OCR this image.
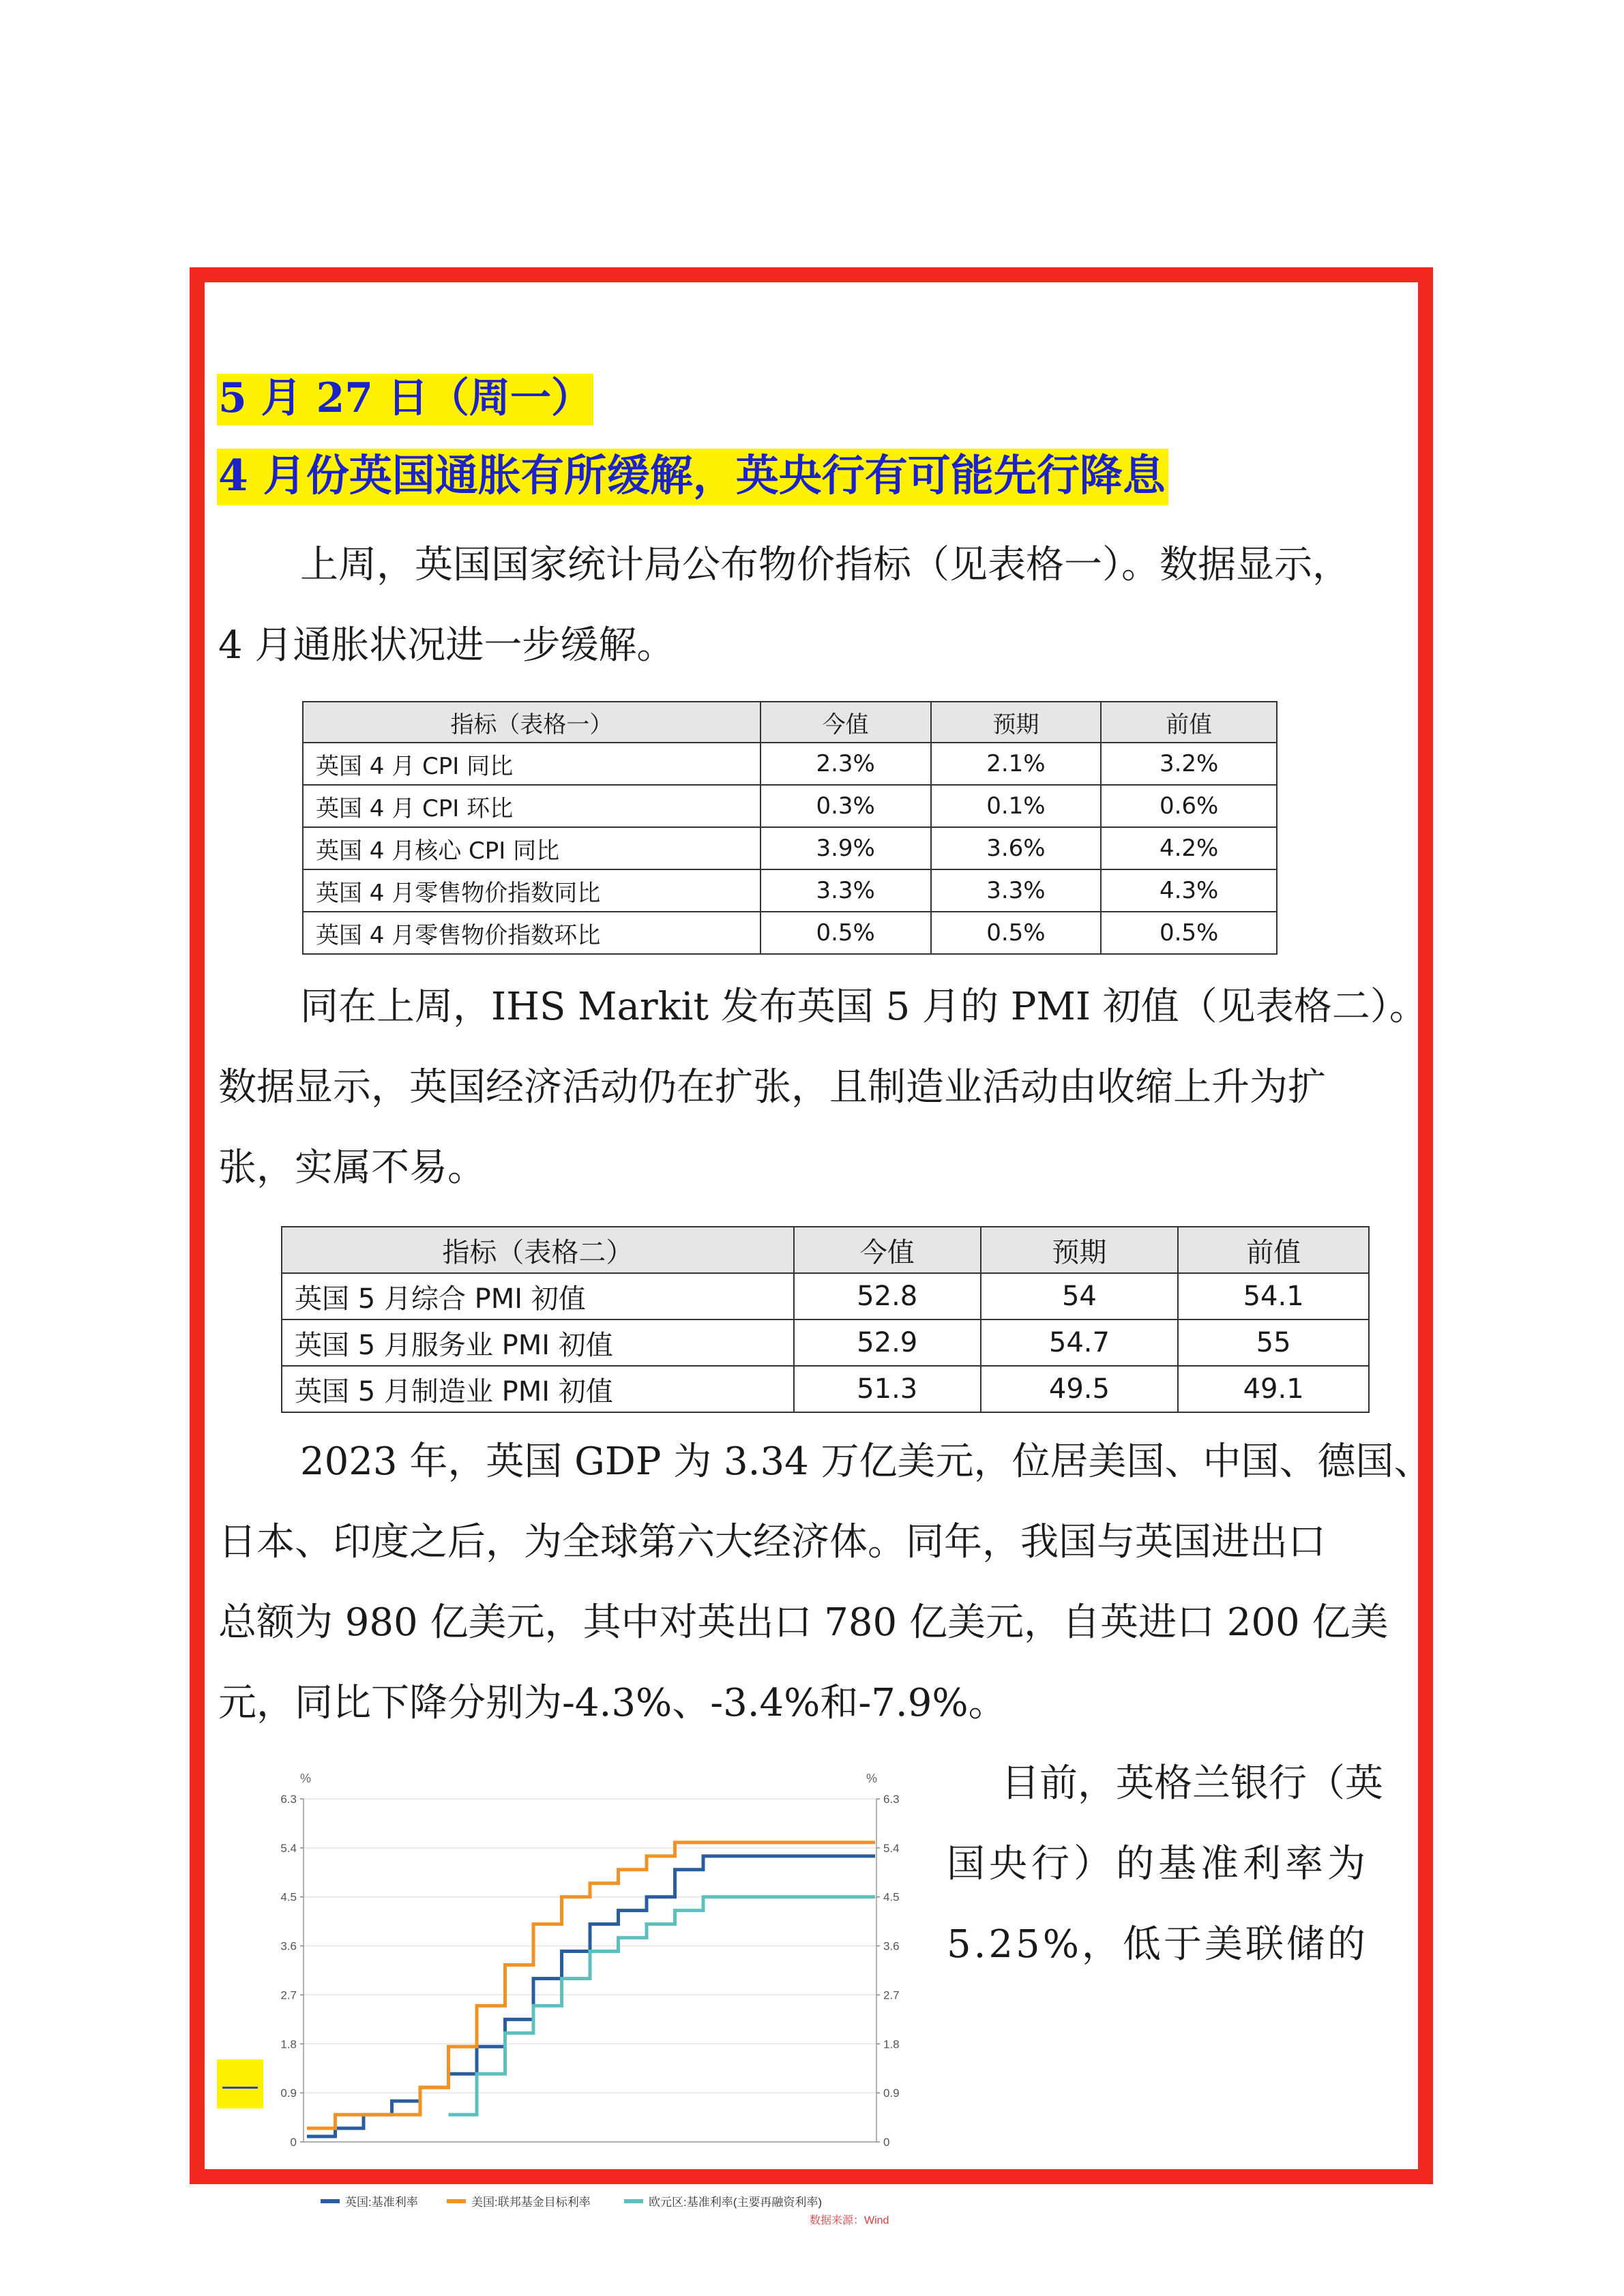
5 月 27 日（周一）
4 月份英国通胀有所缓解，英央行有可能先行降息

上周，英国国家统计局公布物价指标（见表格一）。数据显示，

4 月通胀状况进一步缓解。

指标（表格一）	今值	预期	前值
英国 4 月 CPI 同比	2.3%	2.1%	3.2%
英国 4 月 CPI 环比	0.3%	0.1%	0.6%
英国 4 月核心 CPI 同比	3.9%	3.6%	4.2%
英国 4 月零售物价指数同比	3.3%	3.3%	4.3%
英国 4 月零售物价指数环比	0.5%	0.5%	0.5%

同在上周，IHS Markit 发布英国 5 月的 PMI 初值（见表格二）。

数据显示，英国经济活动仍在扩张，且制造业活动由收缩上升为扩

张，实属不易。

指标（表格二）	今值	预期	前值
英国 5 月综合 PMI 初值	52.8	54	54.1
英国 5 月服务业 PMI 初值	52.9	54.7	55
英国 5 月制造业 PMI 初值	51.3	49.5	49.1

2023 年，英国 GDP 为 3.34 万亿美元，位居美国、中国、德国、

日本、印度之后，为全球第六大经济体。同年，我国与英国进出口

总额为 980 亿美元，其中对英出口 780 亿美元，自英进口 200 亿美

元，同比下降分别为-4.3%、-3.4%和-7.9%。

目前，英格兰银行（英

国央行）的基准利率为

5.25%，低于美联储的

0	0
0.9	0.9
1.8	1.8
2.7	2.7
3.6	3.6
4.5	4.5
5.4	5.4
6.3	6.3
%	%
英国:基准利率	美国:联邦基金目标利率	欧元区:基准利率(主要再融资利率)
数据来源：Wind
